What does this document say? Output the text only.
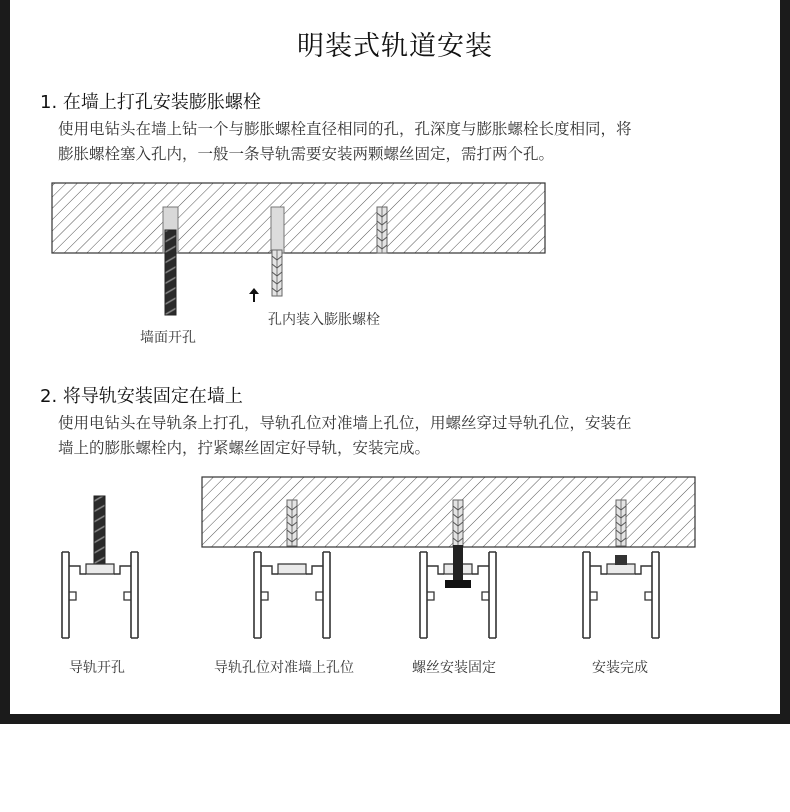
明装式轨道安装
1. 在墙上打孔安装膨胀螺栓
使用电钻头在墙上钻一个与膨胀螺栓直径相同的孔，孔深度与膨胀螺栓长度相同，将
膨胀螺栓塞入孔内，一般一条导轨需要安装两颗螺丝固定，需打两个孔。
墙面开孔
孔内装入膨胀螺栓
2. 将导轨安装固定在墙上
使用电钻头在导轨条上打孔，导轨孔位对准墙上孔位，用螺丝穿过导轨孔位，安装在
墙上的膨胀螺栓内，拧紧螺丝固定好导轨，安装完成。
导轨开孔	导轨孔位对准墙上孔位	螺丝安装固定	安装完成
